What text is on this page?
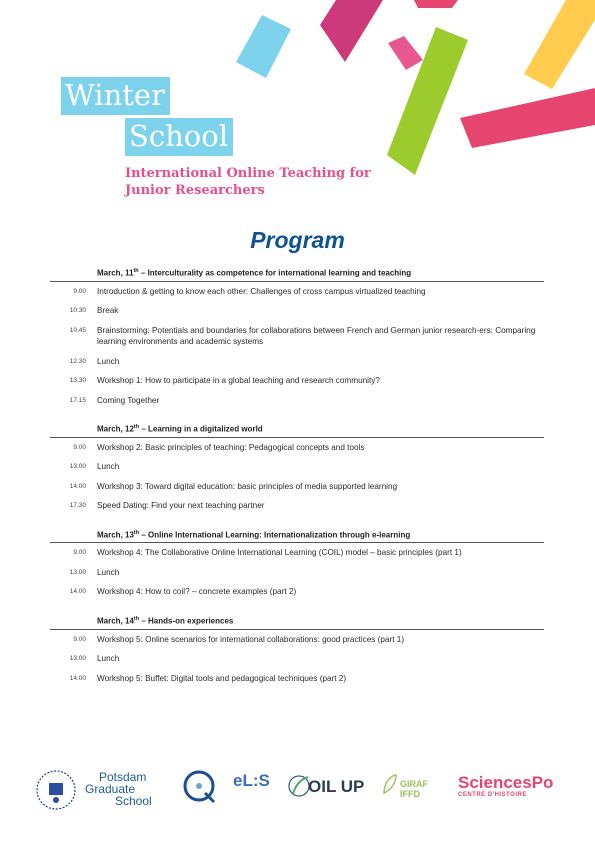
Winter
School
International Online Teaching for Junior Researchers
Program
March, 11th – Interculturality as competence for international learning and teaching
9.00 Introduction & getting to know each other: Challenges of cross campus virtualized teaching
10:30 Break
10.45 Brainstorming: Potentials and boundaries for collaborations between French and German junior research-ers: Comparing learning environments and academic systems
12.30 Lunch
13.30 Workshop 1: How to participate in a global teaching and research community?
17.15 Coming Together
March, 12th – Learning in a digitalized world
9.00 Workshop 2: Basic principles of teaching: Pedagogical concepts and tools
13.00 Lunch
14.00 Workshop 3: Toward digital education: basic principles of media supported learning
17.30 Speed Dating: Find your next teaching partner
March, 13th – Online International Learning: Internationalization through e-learning
9.00 Workshop 4: The Collaborative Online International Learning (COIL) model – basic principles (part 1)
13.00 Lunch
14.00 Workshop 4: How to coil? – concrete examples (part 2)
March, 14th – Hands-on experiences
9.00 Workshop 5: Online scenarios for international collaborations: good practices (part 1)
13.00 Lunch
14.00 Workshop 5: Buffet: Digital tools and pedagogical techniques (part 2)
Potsdam
Graduate
School
eL:S OIL UP	GIRAF
IFFD
SciencesPo
CENTRE D'HISTOIRE
